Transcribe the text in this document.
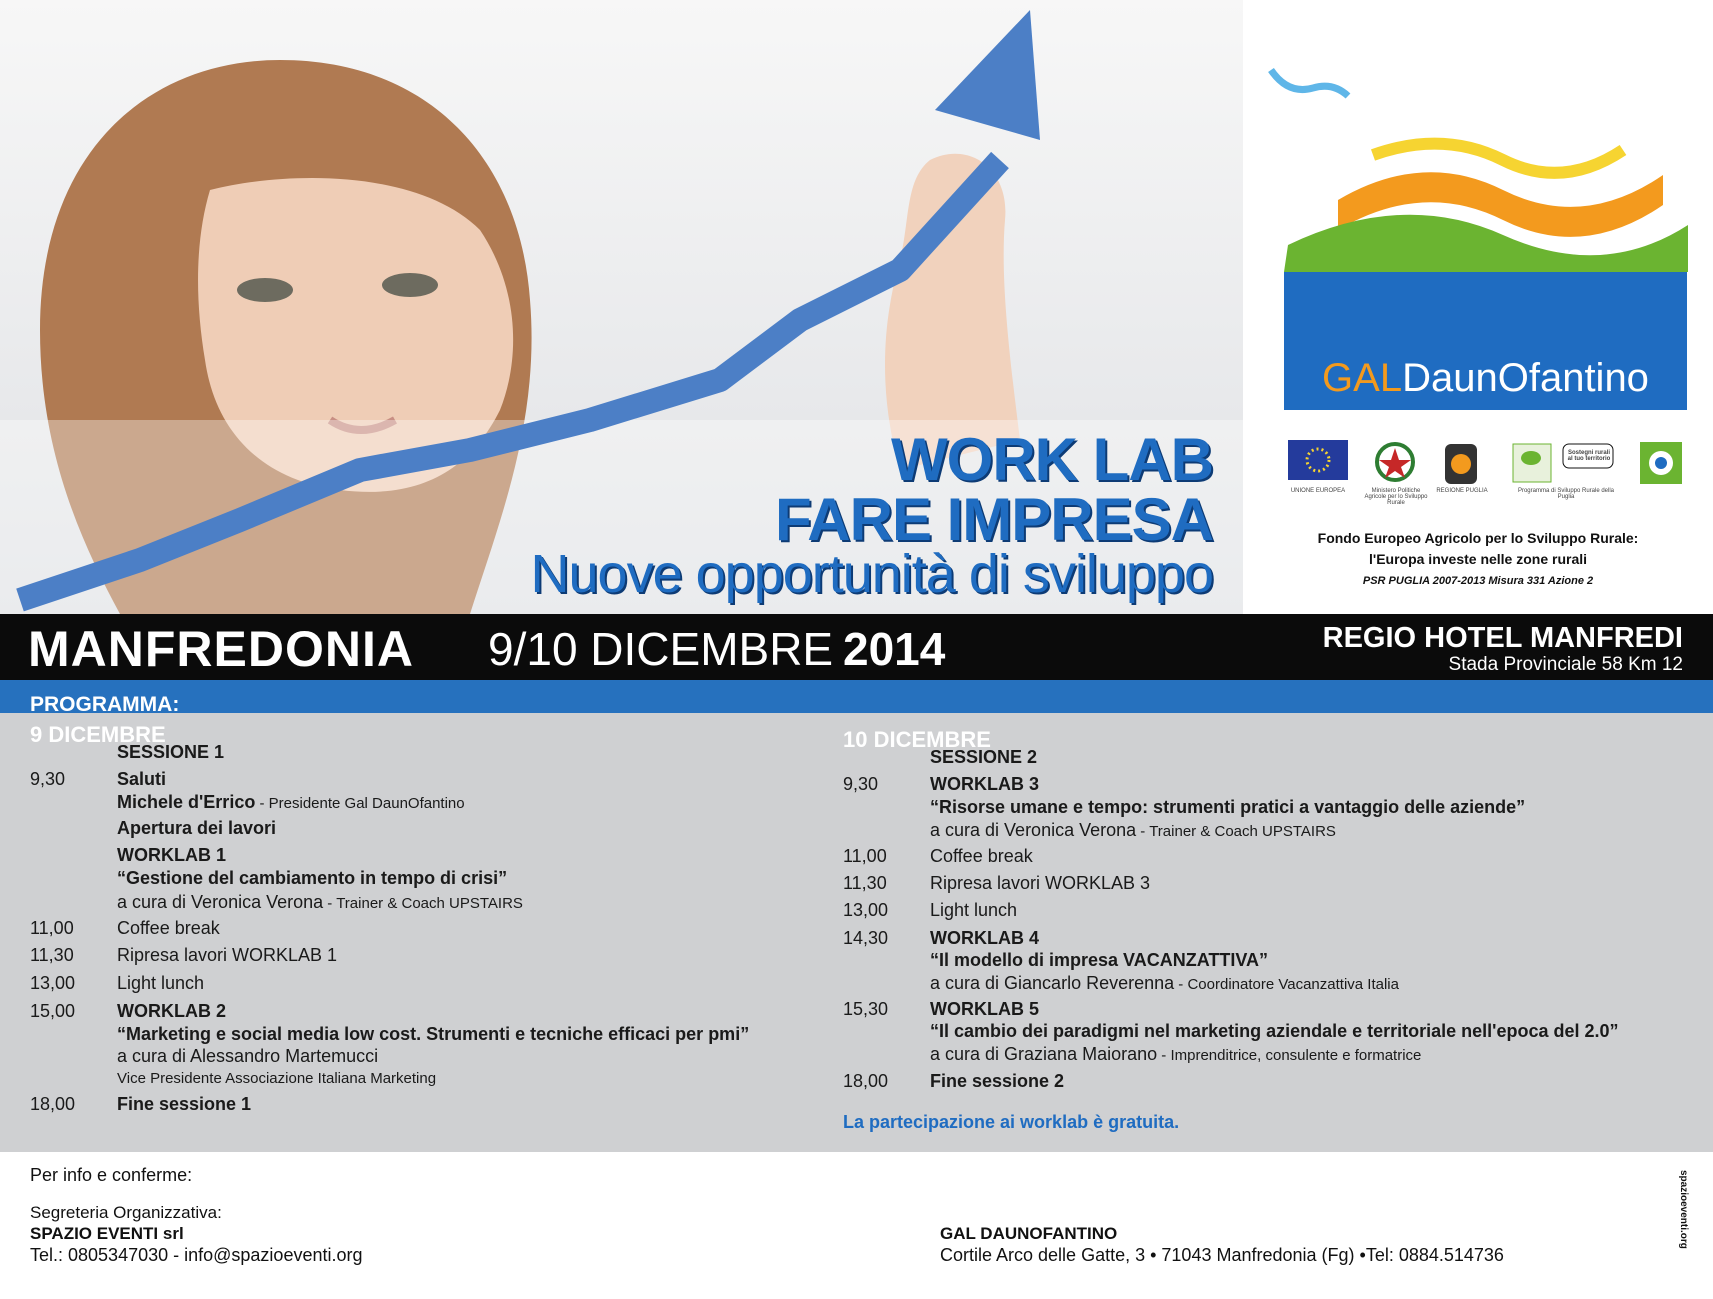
WORK LAB
FARE IMPRESA
Nuove opportunità di sviluppo
GALDaunOfantino
UNIONE EUROPEA	Ministero Politiche Agricole per lo Sviluppo Rurale
REGIONE PUGLIA	Programma di Sviluppo Rurale della Puglia
Sostegni rurali al tuo territorio
Fondo Europeo Agricolo per lo Sviluppo Rurale:
l'Europa investe nelle zone rurali
PSR PUGLIA 2007-2013 Misura 331 Azione 2
MANFREDONIA 9/10 DICEMBRE 2014	REGIO HOTEL MANFREDI
Stada Provinciale 58 Km 12
PROGRAMMA:
9 DICEMBRE
SESSIONE 1
9,30	Saluti
Michele d'Errico - Presidente Gal DaunOfantino
Apertura dei lavori
WORKLAB 1
“Gestione del cambiamento in tempo di crisi”
a cura di Veronica Verona - Trainer & Coach UPSTAIRS
11,00 Coffee break
11,30 Ripresa lavori WORKLAB 1
13,00 Light lunch
15,00 WORKLAB 2
“Marketing e social media low cost. Strumenti e tecniche efficaci per pmi”
a cura di Alessandro Martemucci
Vice Presidente Associazione Italiana Marketing
18,00 Fine sessione 1
10 DICEMBRE
SESSIONE 2
9,30	WORKLAB 3
“Risorse umane e tempo: strumenti pratici a vantaggio delle aziende”
a cura di Veronica Verona - Trainer & Coach UPSTAIRS
11,00 Coffee break
11,30 Ripresa lavori WORKLAB 3
13,00 Light lunch
14,30 WORKLAB 4
“Il modello di impresa VACANZATTIVA”
a cura di Giancarlo Reverenna - Coordinatore Vacanzattiva Italia
15,30 WORKLAB 5
“Il cambio dei paradigmi nel marketing aziendale e territoriale nell'epoca del 2.0”
a cura di Graziana Maiorano - Imprenditrice, consulente e formatrice
18,00 Fine sessione 2
La partecipazione ai worklab è gratuita.
Per info e conferme:
Segreteria Organizzativa:
SPAZIO EVENTI srl
Tel.: 0805347030 - info@spazioeventi.org
GAL DAUNOFANTINO
Cortile Arco delle Gatte, 3 • 71043 Manfredonia (Fg) •Tel: 0884.514736
spazioeventi.org
